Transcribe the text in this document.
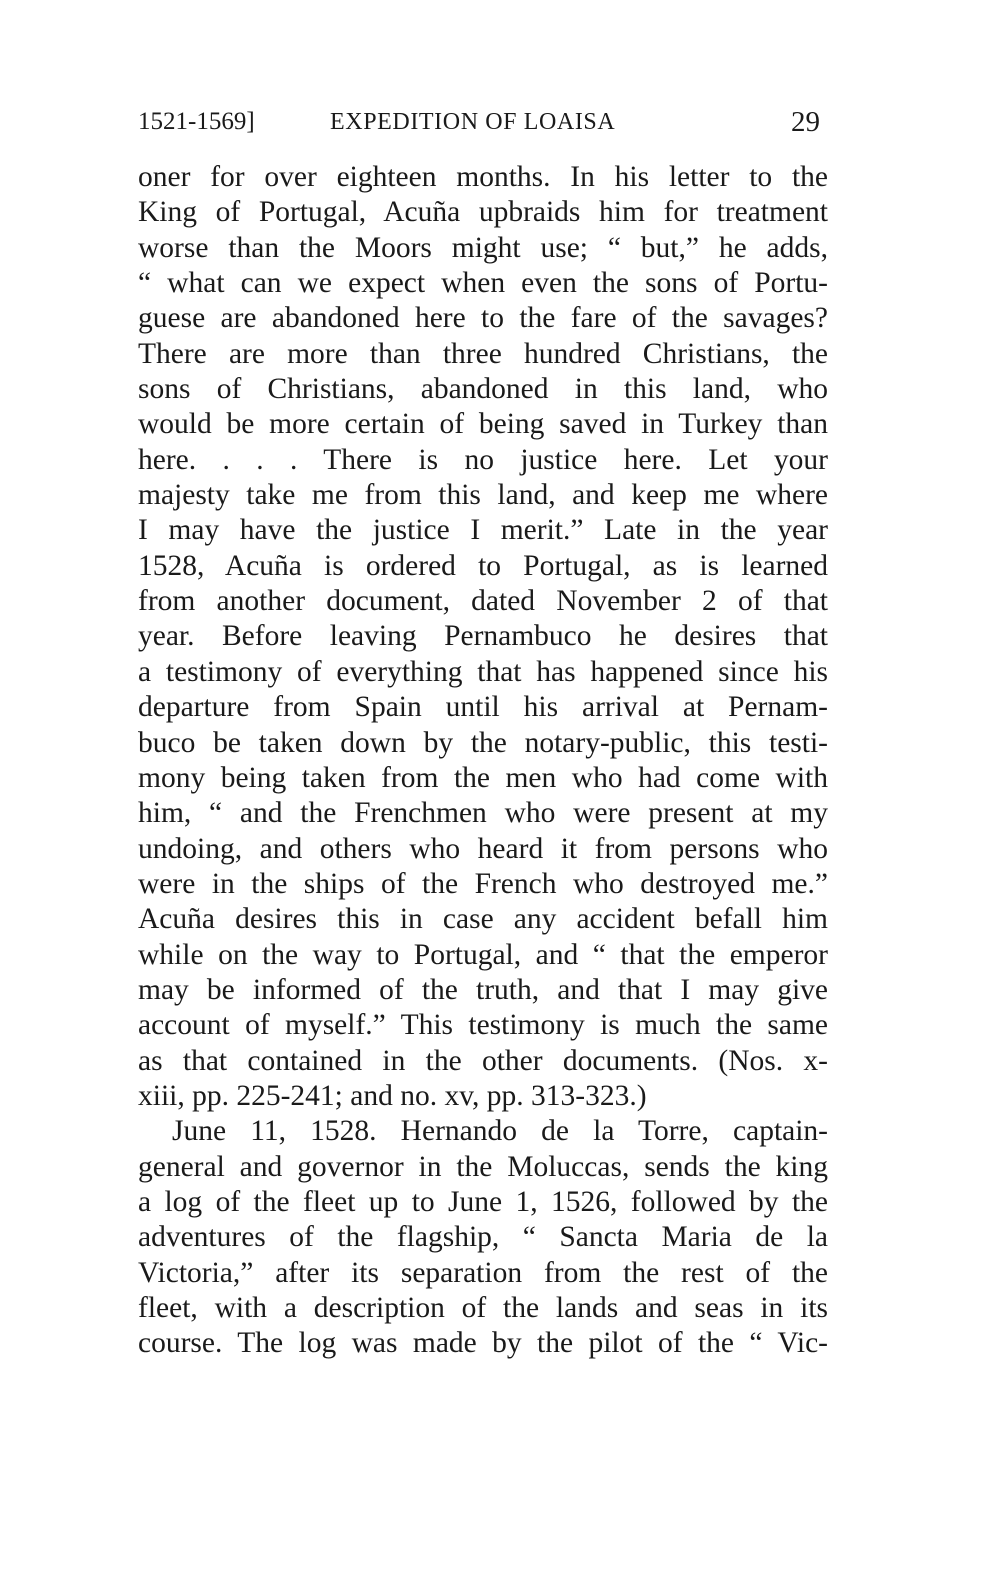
1521-1569]	EXPEDITION OF LOAISA	29
oner for over eighteen months. In his letter to the
King of Portugal, Acuña upbraids him for treatment
worse than the Moors might use; “ but,” he adds,
“ what can we expect when even the sons of Portu-
guese are abandoned here to the fare of the savages?
There are more than three hundred Christians, the
sons of Christians, abandoned in this land, who
would be more certain of being saved in Turkey than
here. . . . There is no justice here. Let your
majesty take me from this land, and keep me where
I may have the justice I merit.” Late in the year
1528, Acuña is ordered to Portugal, as is learned
from another document, dated November 2 of that
year. Before leaving Pernambuco he desires that
a testimony of everything that has happened since his
departure from Spain until his arrival at Pernam-
buco be taken down by the notary-public, this testi-
mony being taken from the men who had come with
him, “ and the Frenchmen who were present at my
undoing, and others who heard it from persons who
were in the ships of the French who destroyed me.”
Acuña desires this in case any accident befall him
while on the way to Portugal, and “ that the emperor
may be informed of the truth, and that I may give
account of myself.” This testimony is much the same
as that contained in the other documents. (Nos. x-
xiii, pp. 225-241; and no. xv, pp. 313-323.)
June 11, 1528. Hernando de la Torre, captain-
general and governor in the Moluccas, sends the king
a log of the fleet up to June 1, 1526, followed by the
adventures of the flagship, “ Sancta Maria de la
Victoria,” after its separation from the rest of the
fleet, with a description of the lands and seas in its
course. The log was made by the pilot of the “ Vic-
